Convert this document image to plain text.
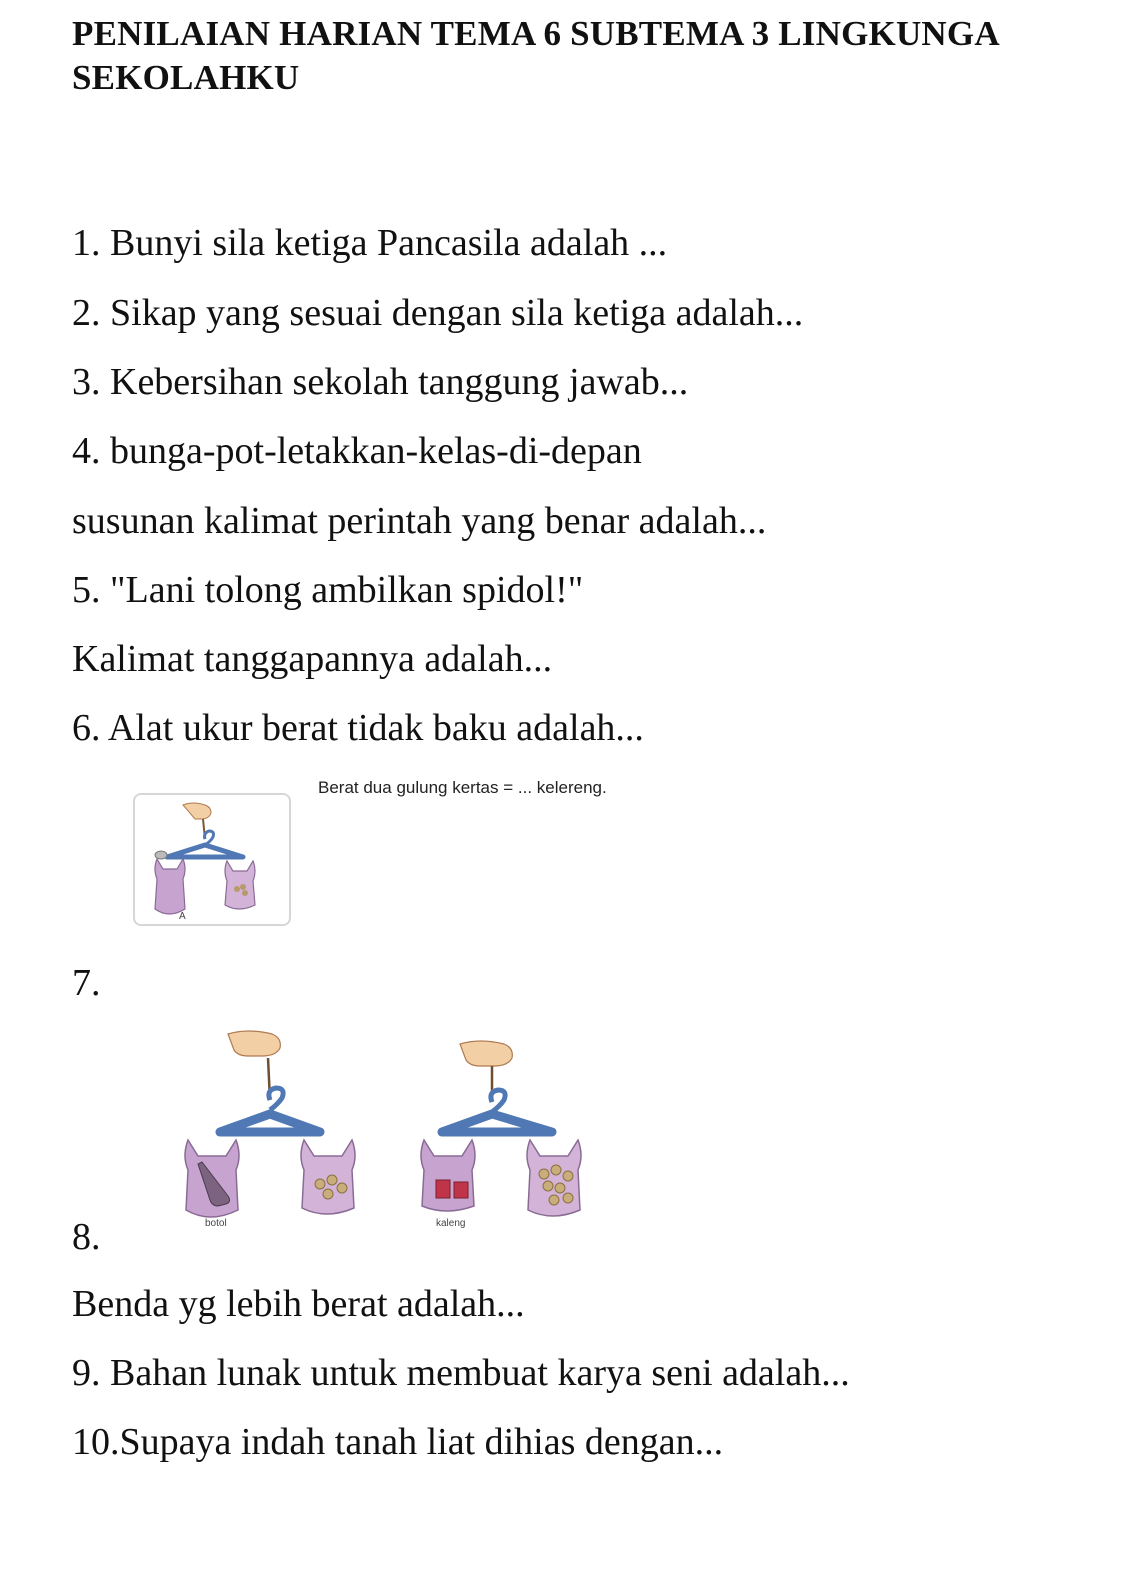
PENILAIAN HARIAN TEMA 6 SUBTEMA 3 LINGKUNGA
SEKOLAHKU
1. Bunyi sila ketiga Pancasila adalah ...
2. Sikap yang sesuai dengan sila ketiga adalah...
3. Kebersihan sekolah tanggung jawab...
4. bunga-pot-letakkan-kelas-di-depan
susunan kalimat perintah yang benar adalah...
5. "Lani tolong ambilkan spidol!"
Kalimat tanggapannya adalah...
6. Alat ukur berat tidak baku adalah...
A
Berat dua gulung kertas = ... kelereng.
7.
botol	kaleng
8.
Benda yg lebih berat adalah...
9. Bahan lunak untuk membuat karya seni adalah...
10.Supaya indah tanah liat dihias dengan...
